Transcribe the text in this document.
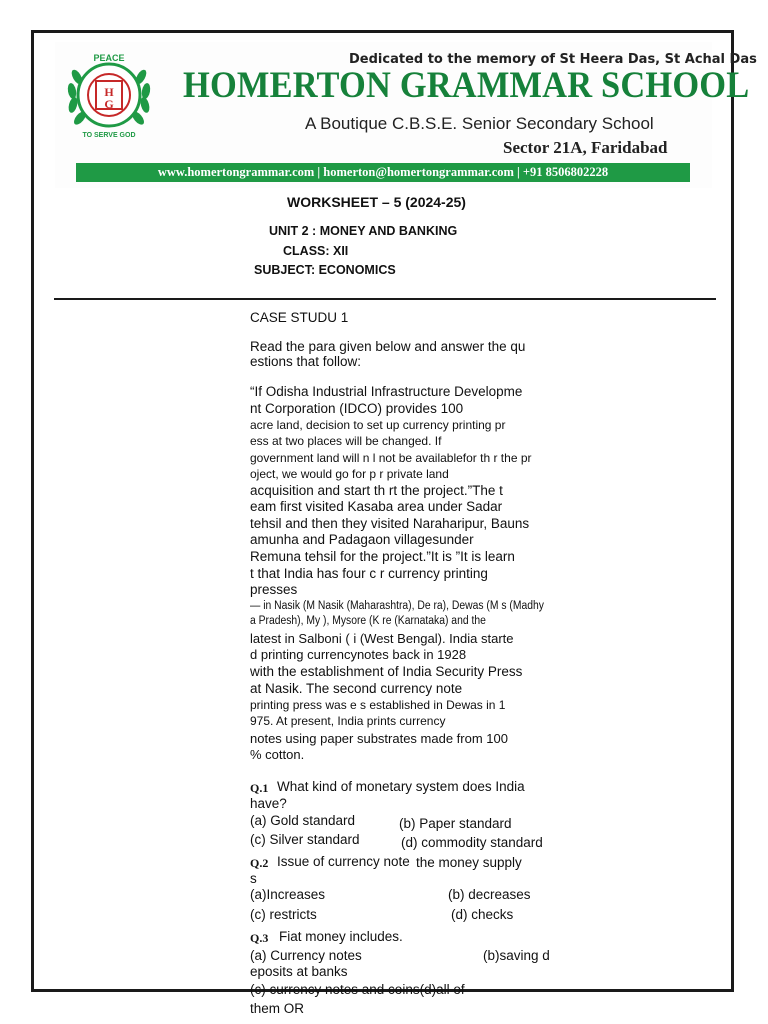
H
G
PEACE
TO SERVE GOD
Dedicated to the memory of St Heera Das, St Achal Das
HOMERTON GRAMMAR SCHOOL
A Boutique C.B.S.E. Senior Secondary School
Sector 21A, Faridabad
www.homertongrammar.com | homerton@homertongrammar.com | +91 8506802228
WORKSHEET – 5 (2024-25)
UNIT 2 : MONEY AND BANKING
CLASS: XII
SUBJECT: ECONOMICS
CASE STUDU 1
Read the para given below and answer the qu
estions that follow:
“If Odisha Industrial Infrastructure Developme
nt Corporation (IDCO) provides 100
acre land, decision to set up currency printing pr
ess at two places will be changed. If
government land will n l not be availablefor th r the pr
oject, we would go for p r private land
acquisition and start th rt the project.”The t
eam first visited Kasaba area under Sadar
tehsil and then they visited Naraharipur, Bauns
amunha and Padagaon villagesunder
Remuna tehsil for the project.”It is ”It is learn
t that India has four c r currency printing
presses
— in Nasik (M Nasik (Maharashtra), De ra), Dewas (M s (Madhy
a Pradesh), My ), Mysore (K re (Karnataka) and the
latest in Salboni ( i (West Bengal). India starte
d printing currencynotes back in 1928
with the establishment of India Security Press
at Nasik. The second currency note
printing press was e s established in Dewas in 1
975. At present, India prints currency
notes using paper substrates made from 100
% cotton.
Q.1 What kind of monetary system does India
have?
(a) Gold standard	(b) Paper standard
(c) Silver standard	(d) commodity standard
Q.2 Issue of currency note the money supply
s
(a)Increases	(b) decreases
(c) restricts	(d) checks
Q.3 Fiat money includes.
(a) Currency notes	(b)saving d
eposits at banks
(c) currency notes and coins(d)all of
them OR
